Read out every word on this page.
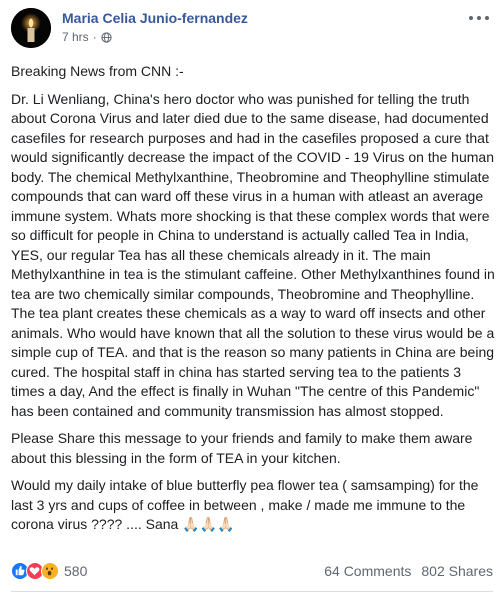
Maria Celia Junio-fernandez
7 hrs ·

Breaking News from CNN :-

Dr. Li Wenliang, China's hero doctor who was punished for telling the truth about Corona Virus and later died due to the same disease, had documented casefiles for research purposes and had in the casefiles proposed a cure that would significantly decrease the impact of the COVID - 19 Virus on the human body. The chemical Methylxanthine, Theobromine and Theophylline stimulate compounds that can ward off these virus in a human with atleast an average immune system. Whats more shocking is that these complex words that were so difficult for people in China to understand is actually called Tea in India, YES, our regular Tea has all these chemicals already in it. The main Methylxanthine in tea is the stimulant caffeine. Other Methylxanthines found in tea are two chemically similar compounds, Theobromine and Theophylline. The tea plant creates these chemicals as a way to ward off insects and other animals. Who would have known that all the solution to these virus would be a simple cup of TEA. and that is the reason so many patients in China are being cured. The hospital staff in china has started serving tea to the patients 3 times a day, And the effect is finally in Wuhan "The centre of this Pandemic" has been contained and community transmission has almost stopped.

Please Share this message to your friends and family to make them aware about this blessing in the form of TEA in your kitchen.

Would my daily intake of blue butterfly pea flower tea ( samsamping) for the last 3 yrs and cups of coffee in between , make / made me immune to the corona virus ???? .... Sana 🙏🏻🙏🏻🙏🏻

580	64 Comments 802 Shares
